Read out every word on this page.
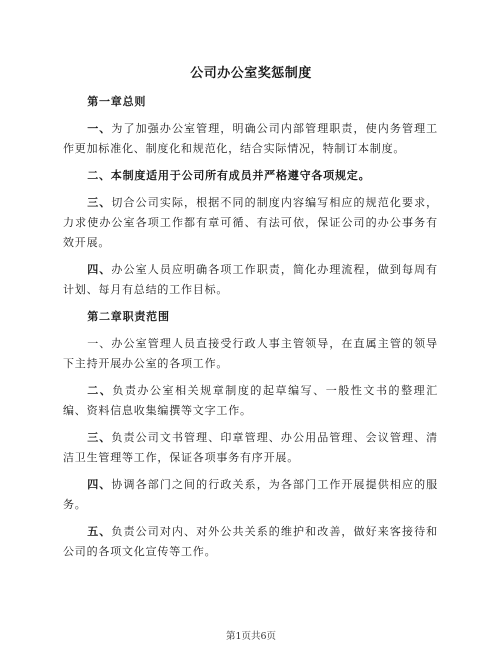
公司办公室奖惩制度

第一章总则

一、为了加强办公室管理，明确公司内部管理职责，使内务管理工作更加标准化、制度化和规范化，结合实际情况，特制订本制度。

二、本制度适用于公司所有成员并严格遵守各项规定。

三、切合公司实际，根据不同的制度内容编写相应的规范化要求，力求使办公室各项工作都有章可循、有法可依，保证公司的办公事务有效开展。

四、办公室人员应明确各项工作职责，简化办理流程，做到每周有计划、每月有总结的工作目标。

第二章职责范围

一、办公室管理人员直接受行政人事主管领导，在直属主管的领导下主持开展办公室的各项工作。

二、负责办公室相关规章制度的起草编写、一般性文书的整理汇编、资料信息收集编撰等文字工作。

三、负责公司文书管理、印章管理、办公用品管理、会议管理、清洁卫生管理等工作，保证各项事务有序开展。

四、协调各部门之间的行政关系，为各部门工作开展提供相应的服务。

五、负责公司对内、对外公共关系的维护和改善，做好来客接待和公司的各项文化宣传等工作。

第1页共6页
